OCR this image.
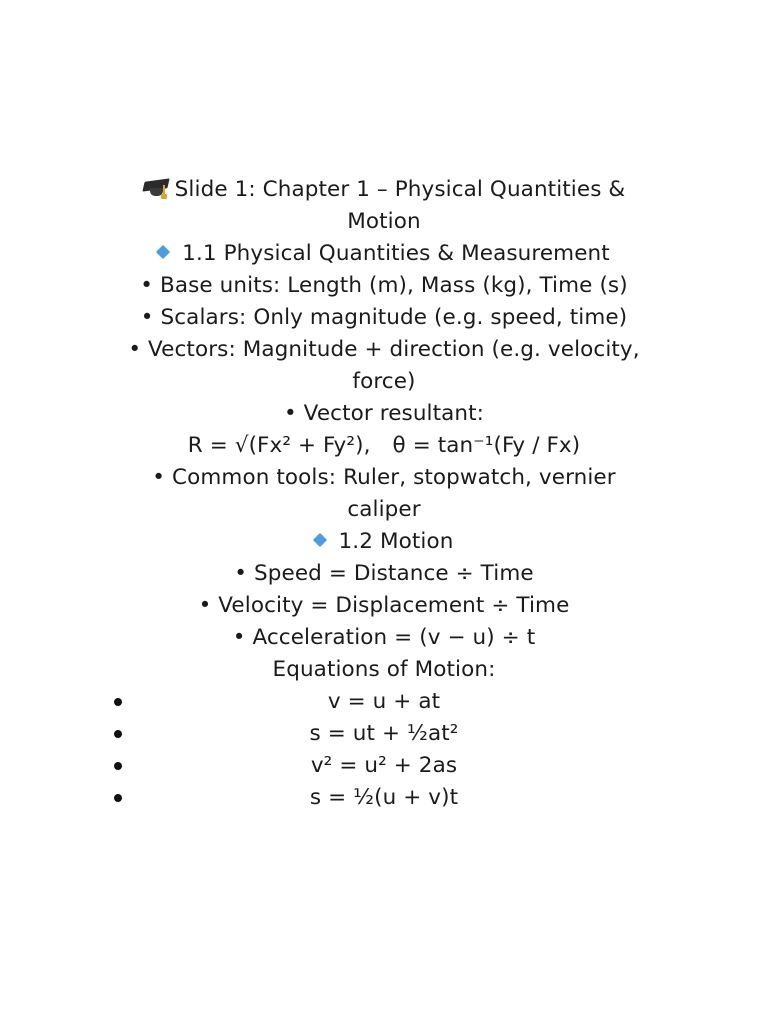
Slide 1: Chapter 1 – Physical Quantities &
Motion
1.1 Physical Quantities & Measurement
• Base units: Length (m), Mass (kg), Time (s)
• Scalars: Only magnitude (e.g. speed, time)
• Vectors: Magnitude + direction (e.g. velocity,
force)
• Vector resultant:
R = √(Fx² + Fy²), θ = tan⁻¹(Fy / Fx)
• Common tools: Ruler, stopwatch, vernier
caliper
1.2 Motion
• Speed = Distance ÷ Time
• Velocity = Displacement ÷ Time
• Acceleration = (v − u) ÷ t
Equations of Motion:
v = u + at
s = ut + ½at²
v² = u² + 2as
s = ½(u + v)t
